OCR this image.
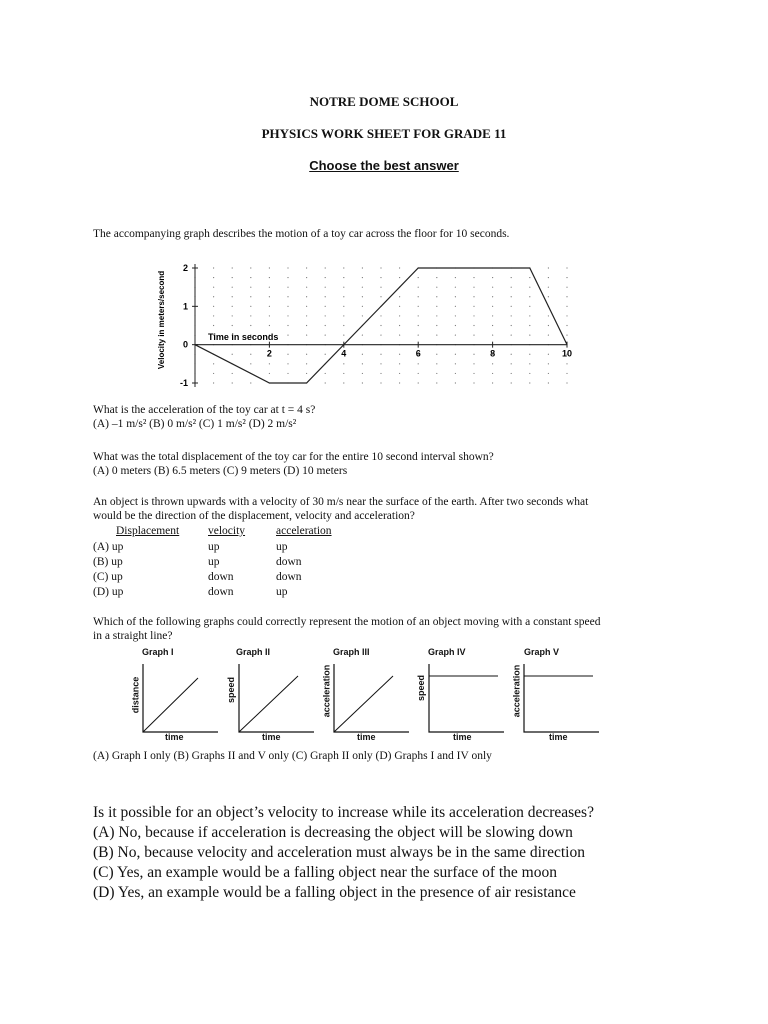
NOTRE DOME SCHOOL
PHYSICS WORK SHEET FOR GRADE 11
Choose the best answer
The accompanying graph describes the motion of a toy car across the floor for 10 seconds.
2	4	6	8	10
2
1
0
-1
Velocity in meters/second	Time in seconds
What is the acceleration of the toy car at t = 4 s?
(A) –1 m/s² (B) 0 m/s² (C) 1 m/s² (D) 2 m/s²
What was the total displacement of the toy car for the entire 10 second interval shown?
(A) 0 meters (B) 6.5 meters (C) 9 meters (D) 10 meters
An object is thrown upwards with a velocity of 30 m/s near the surface of the earth. After two seconds what
would be the direction of the displacement, velocity and acceleration?
Displacement	velocity	acceleration
(A) up	up	up
(B) up	up	down
(C) up	down	down
(D) up	down	up
Which of the following graphs could correctly represent the motion of an object moving with a constant speed
in a straight line?
Graph I
distance
time
Graph II
speed
time
Graph III
acceleration
time
Graph IV
speed
time
Graph V
acceleration
time
(A) Graph I only (B) Graphs II and V only (C) Graph II only (D) Graphs I and IV only
Is it possible for an object’s velocity to increase while its acceleration decreases?
(A) No, because if acceleration is decreasing the object will be slowing down
(B) No, because velocity and acceleration must always be in the same direction
(C) Yes, an example would be a falling object near the surface of the moon
(D) Yes, an example would be a falling object in the presence of air resistance
